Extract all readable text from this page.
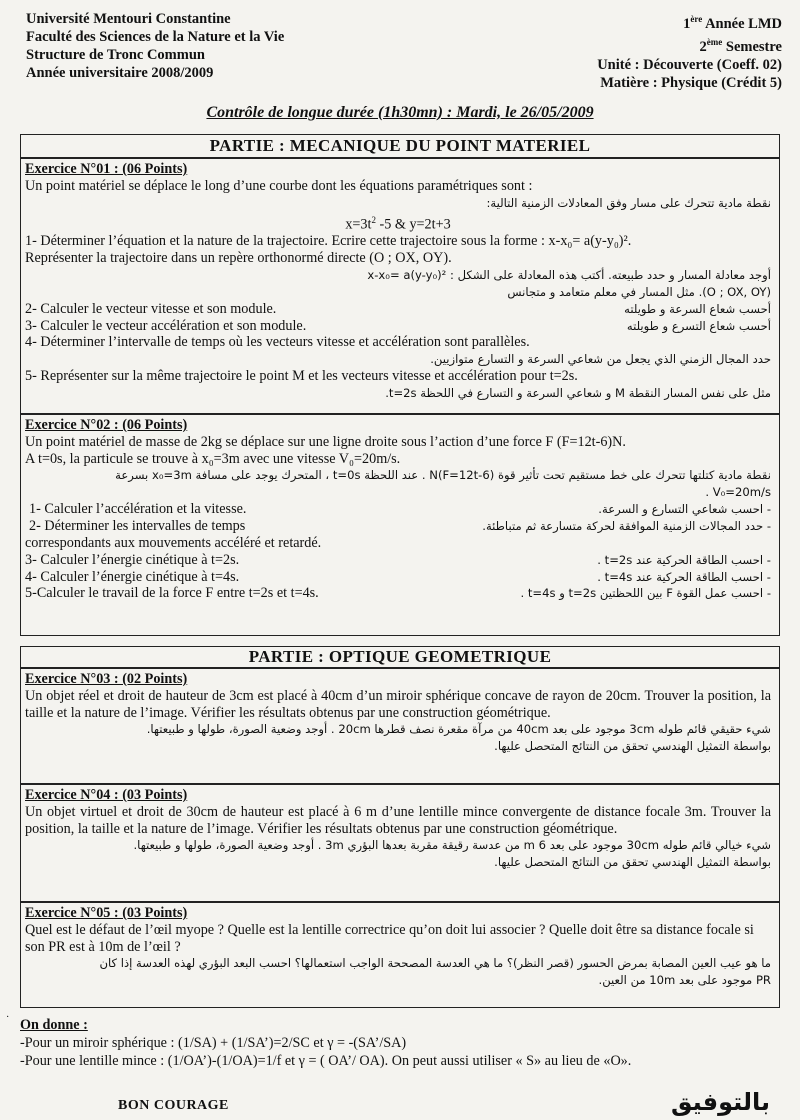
Université Mentouri Constantine
Faculté des Sciences de la Nature et la Vie
Structure de Tronc Commun
Année universitaire 2008/2009
1ère Année LMD
2ème Semestre
Unité : Découverte (Coeff. 02)
Matière : Physique (Crédit 5)
Contrôle de longue durée (1h30mn) : Mardi, le 26/05/2009
PARTIE : MECANIQUE DU POINT MATERIEL
Exercice N°01 : (06 Points)
Un point matériel se déplace le long d’une courbe dont les équations paramétriques sont :
نقطة مادية تتحرك على مسار وفق المعادلات الزمنية التالية:
$x=3t^2$ -5 & y=2t+3
1- Déterminer l’équation et la nature de la trajectoire. Ecrire cette trajectoire sous la forme : x-x₀= a(y-y₀)².
Représenter la trajectoire dans un repère orthonormé directe (O ; OX, OY).
أوجد معادلة المسار و حدد طبيعته. أكتب هذه المعادلة على الشكل : x-x₀= a(y-y₀)²
(O ; OX, OY). مثل المسار في معلم متعامد و متجانس
2- Calculer le vecteur vitesse et son module.	أحسب شعاع السرعة و طويلته
3- Calculer le vecteur accélération et son module.	أحسب شعاع التسرع و طويلته
4- Déterminer l’intervalle de temps où les vecteurs vitesse et accélération sont parallèles.
حدد المجال الزمني الذي يجعل من شعاعي السرعة و التسارع متوازيين.
5- Représenter sur la même trajectoire le point M et les vecteurs vitesse et accélération pour t=2s.
مثل على نفس المسار النقطة M و شعاعي السرعة و التسارع في اللحظة t=2s.
Exercice N°02 : (06 Points)
Un point matériel de masse de 2kg se déplace sur une ligne droite sous l’action d’une force F (F=12t-6)N.
A t=0s, la particule se trouve à x₀=3m avec une vitesse V₀=20m/s.
نقطة مادية كتلتها تتحرك على خط مستقيم تحت تأثير قوة (F=12t-6)N . عند اللحظة t=0s ، المتحرك يوجد على مسافة x₀=3m بسرعة
V₀=20m/s .
1- Calculer l’accélération et la vitesse.	- احسب شعاعي التسارع و السرعة.
2- Déterminer les intervalles de temps	- حدد المجالات الزمنية الموافقة لحركة متسارعة ثم متباطئة.
correspondants aux mouvements accéléré et retardé.
3- Calculer l’énergie cinétique à t=2s.	- احسب الطاقة الحركية عند t=2s .
4- Calculer l’énergie cinétique à t=4s.	- احسب الطاقة الحركية عند t=4s .
5-Calculer le travail de la force F entre t=2s et t=4s.	- احسب عمل القوة F بين اللحظتين t=2s و t=4s .
PARTIE : OPTIQUE GEOMETRIQUE
Exercice N°03 : (02 Points)
Un objet réel et droit de hauteur de 3cm est placé à 40cm d’un miroir sphérique concave de rayon de 20cm. Trouver la position, la taille et la nature de l’image. Vérifier les résultats obtenus par une construction géométrique.
شيء حقيقي قائم طوله 3cm موجود على بعد 40cm من مرآة مقعرة نصف قطرها 20cm . أوجد وضعية الصورة، طولها و طبيعتها.
بواسطة التمثيل الهندسي تحقق من النتائج المتحصل عليها.
Exercice N°04 : (03 Points)
Un objet virtuel et droit de 30cm de hauteur est placé à 6 m d’une lentille mince convergente de distance focale 3m. Trouver la position, la taille et la nature de l’image. Vérifier les résultats obtenus par une construction géométrique.
شيء خيالي قائم طوله 30cm موجود على بعد 6 m من عدسة رقيقة مقربة بعدها البؤري 3m . أوجد وضعية الصورة، طولها و طبيعتها.
بواسطة التمثيل الهندسي تحقق من النتائج المتحصل عليها.
Exercice N°05 : (03 Points)
Quel est le défaut de l’œil myope ? Quelle est la lentille correctrice qu’on doit lui associer ? Quelle doit être sa distance focale si son PR est à 10m de l’œil ?
ما هو عيب العين المصابة بمرض الحسور (قصر النظر)؟ ما هي العدسة المصححة الواجب استعمالها؟ احسب البعد البؤري لهذه العدسة إذا كان
PR موجود على بعد 10m من العين.
· On donne :
-Pour un miroir sphérique : (1/SA) + (1/SA’)=2/SC et γ = -(SA’/SA)
-Pour une lentille mince : (1/OA’)-(1/OA)=1/f et γ = ( OA’/ OA). On peut aussi utiliser « S» au lieu de «O».
BON COURAGE	بالتوفيق
